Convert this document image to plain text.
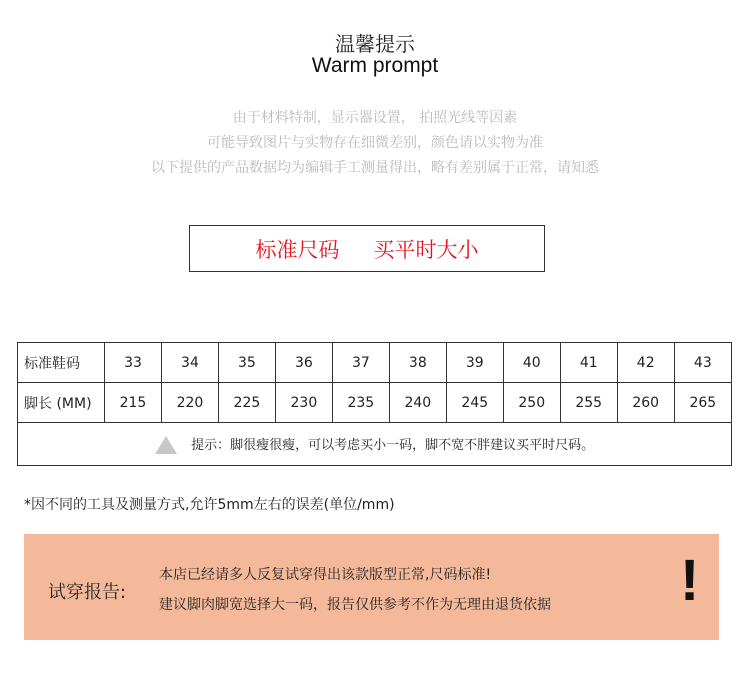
温馨提示
Warm prompt
由于材料特制，显示器设置， 拍照光线等因素
可能导致图片与实物存在细微差别，颜色请以实物为准
以下提供的产品数据均为编辑手工测量得出，略有差别属于正常，请知悉
标准尺码 买平时大小
标准鞋码	33	34	35	36	37	38	39	40	41	42	43
脚长 (MM)	215	220	225	230	235	240	245	250	255	260	265
提示：脚很瘦很瘦，可以考虑买小一码，脚不宽不胖建议买平时尺码。											
*因不同的工具及测量方式,允许5mm左右的误差(单位/mm)
试穿报告:
本店已经请多人反复试穿得出该款版型正常,尺码标准!
建议脚肉脚宽选择大一码，报告仅供参考不作为无理由退货依据 !
